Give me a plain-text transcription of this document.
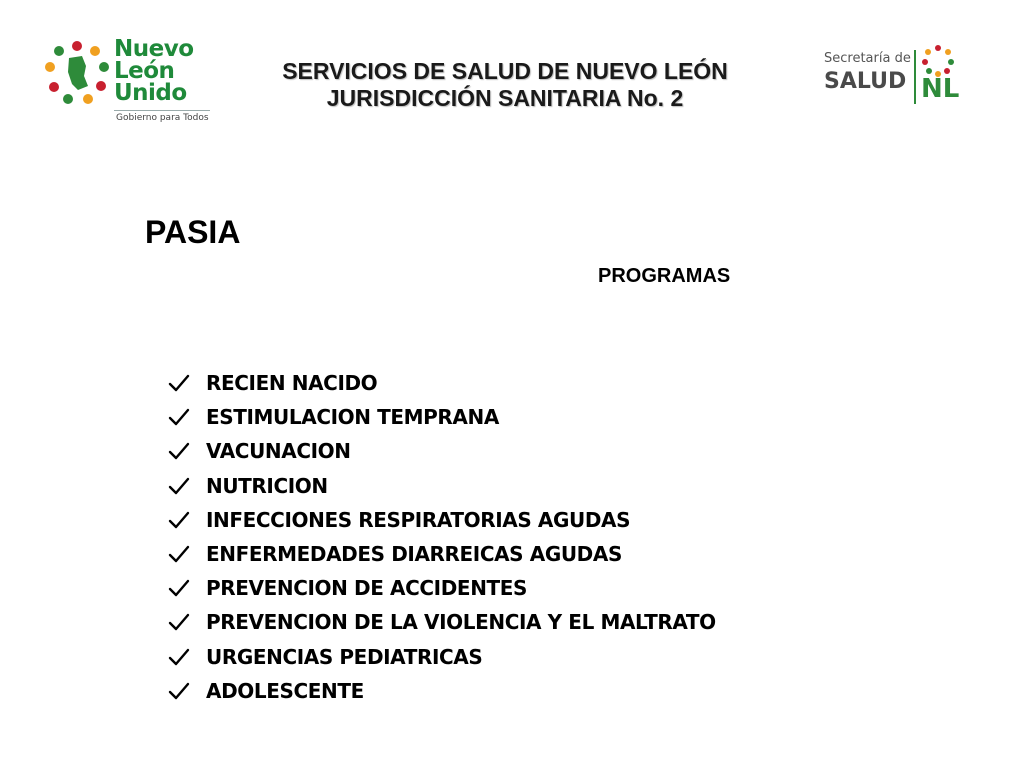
Nuevo
León
Unido
Gobierno para Todos
SERVICIOS DE SALUD DE NUEVO LEÓN
JURISDICCIÓN SANITARIA No. 2
Secretaría de
SALUD NL
PASIA
PROGRAMAS
RECIEN NACIDO
ESTIMULACION TEMPRANA
VACUNACION
NUTRICION
INFECCIONES RESPIRATORIAS AGUDAS
ENFERMEDADES DIARREICAS AGUDAS
PREVENCION DE ACCIDENTES
PREVENCION DE LA VIOLENCIA Y EL MALTRATO
URGENCIAS PEDIATRICAS
ADOLESCENTE
